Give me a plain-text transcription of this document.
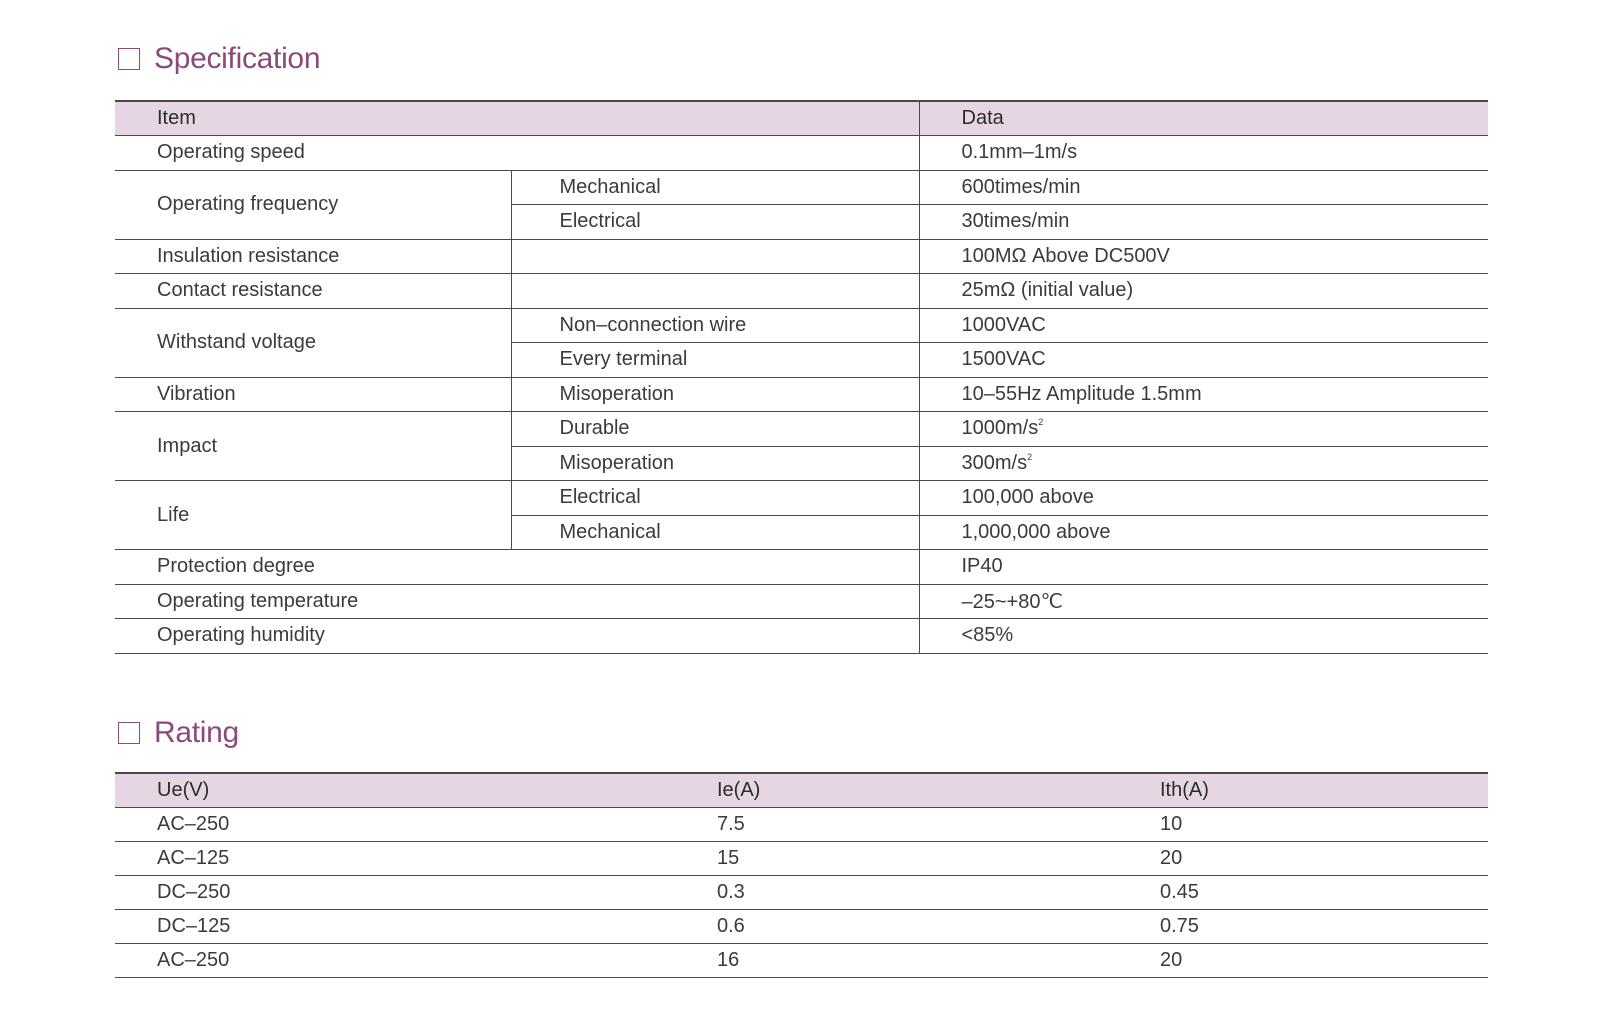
Specification
Item		Data
Operating speed		0.1mm–1m/s
Operating frequency	Mechanical	600times/min
	Electrical	30times/min
Insulation resistance		100MΩ Above DC500V
Contact resistance		25mΩ (initial value)
Withstand voltage	Non–connection wire	1000VAC
	Every terminal	1500VAC
Vibration	Misoperation	10–55Hz Amplitude 1.5mm
Impact	Durable	$1000m/s^2$
	Misoperation	$300m/s^2$
Life	Electrical	100,000 above
	Mechanical	1,000,000 above
Protection degree		IP40
Operating temperature		–25~+80℃
Operating humidity		<85%
Rating
Ue(V)	Ie(A)	Ith(A)
AC–250	7.5	10
AC–125	15	20
DC–250	0.3	0.45
DC–125	0.6	0.75
AC–250	16	20
